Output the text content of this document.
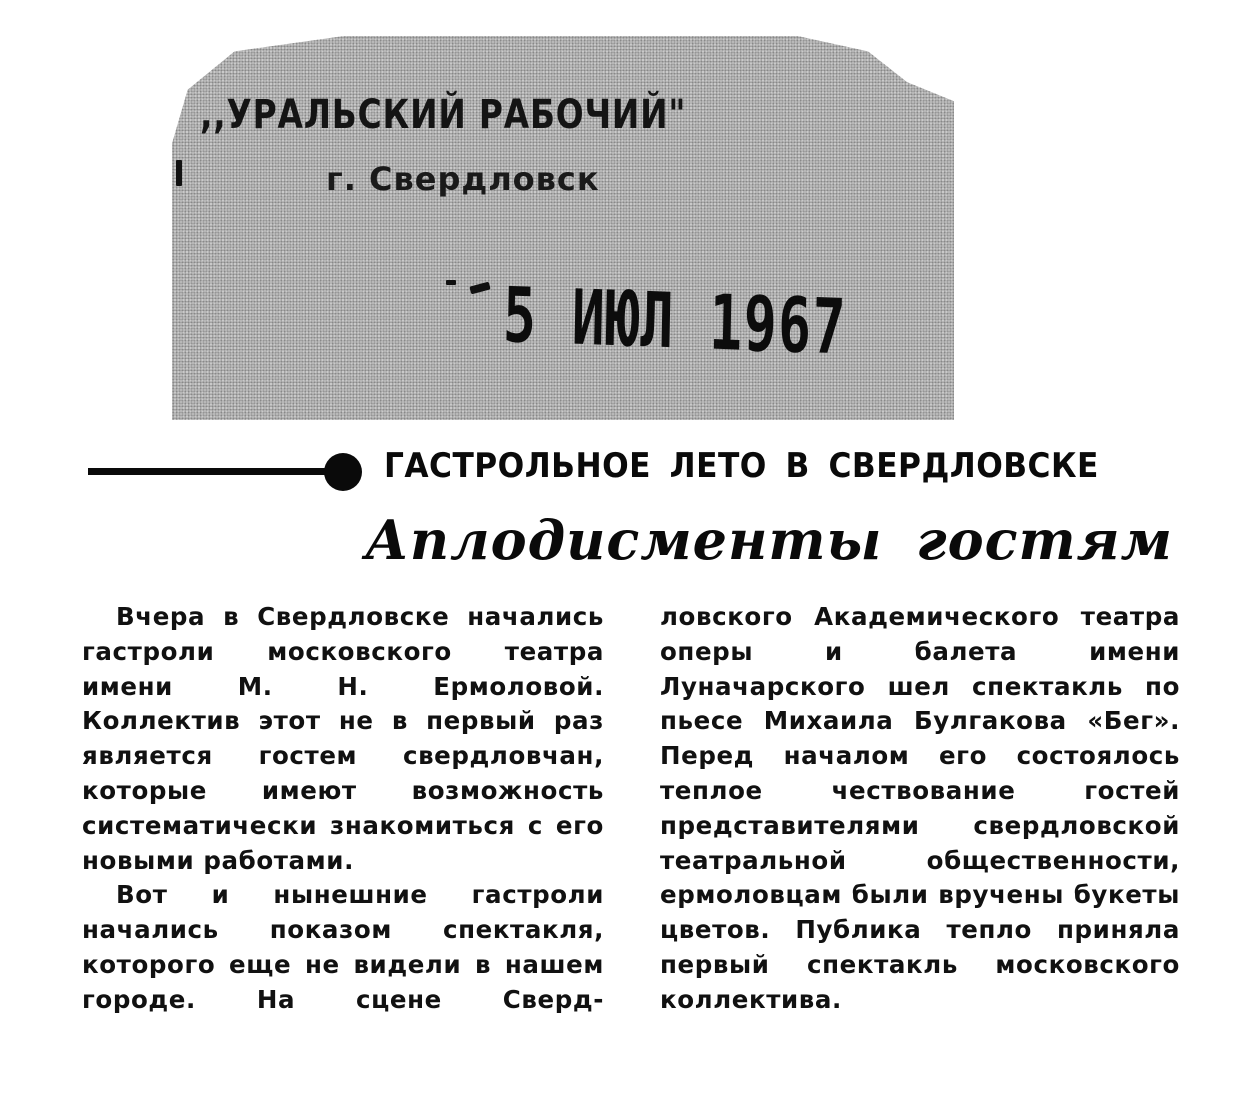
,,УРАЛЬСКИЙ РАБОЧИЙ"
г. Свердловск
5 ИЮЛ 1967
ГАСТРОЛЬНОЕ ЛЕТО В СВЕРДЛОВСКЕ
Аплодисменты гостям

Вчера в Свердловске начались гастроли московского театра имени М. Н. Ермоловой. Коллектив этот не в первый раз является гостем свердловчан, которые имеют возможность систематически знакомиться с его новыми работами.

Вот и нынешние гастроли начались показом спектакля, которого еще не видели в нашем городе. На сцене Сверд-

ловского Академического театра оперы и балета имени Луначарского шел спектакль по пьесе Михаила Булгакова «Бег». Перед началом его состоялось теплое чествование гостей представителями свердловской театральной общественности, ермоловцам были вручены букеты цветов. Публика тепло приняла первый спектакль московского коллектива.
